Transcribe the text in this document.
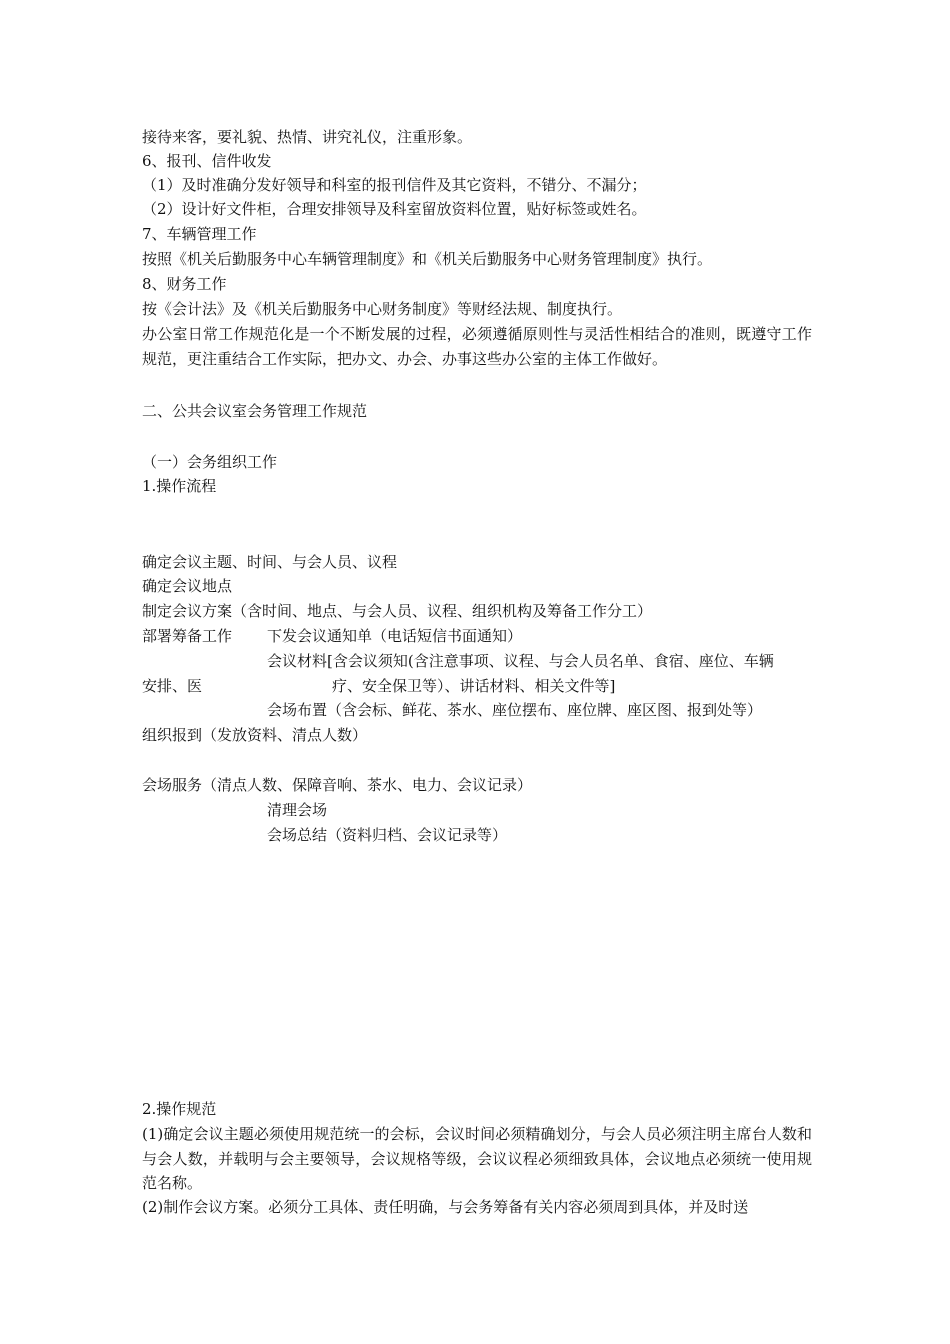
接待来客，要礼貌、热情、讲究礼仪，注重形象。
6、报刊、信件收发
（1）及时准确分发好领导和科室的报刊信件及其它资料，不错分、不漏分；
（2）设计好文件柜，合理安排领导及科室留放资料位置，贴好标签或姓名。
7、车辆管理工作
按照《机关后勤服务中心车辆管理制度》和《机关后勤服务中心财务管理制度》执行。
8、财务工作
按《会计法》及《机关后勤服务中心财务制度》等财经法规、制度执行。
办公室日常工作规范化是一个不断发展的过程，必须遵循原则性与灵活性相结合的准则，既遵守工作规范，更注重结合工作实际，把办文、办会、办事这些办公室的主体工作做好。
二、公共会议室会务管理工作规范
（一）会务组织工作
1.操作流程
确定会议主题、时间、与会人员、议程
确定会议地点
制定会议方案（含时间、地点、与会人员、议程、组织机构及筹备工作分工）
部署筹备工作 下发会议通知单（电话短信书面通知）
会议材料[含会议须知(含注意事项、议程、与会人员名单、食宿、座位、车辆
安排、医	疗、安全保卫等）、讲话材料、相关文件等]
会场布置（含会标、鲜花、茶水、座位摆布、座位牌、座区图、报到处等）
组织报到（发放资料、清点人数）
会场服务（清点人数、保障音响、茶水、电力、会议记录）
清理会场
会场总结（资料归档、会议记录等）
2.操作规范
(1)确定会议主题必须使用规范统一的会标，会议时间必须精确划分，与会人员必须注明主席台人数和与会人数，并载明与会主要领导，会议规格等级，会议议程必须细致具体，会议地点必须统一使用规范名称。
(2)制作会议方案。必须分工具体、责任明确，与会务筹备有关内容必须周到具体，并及时送
